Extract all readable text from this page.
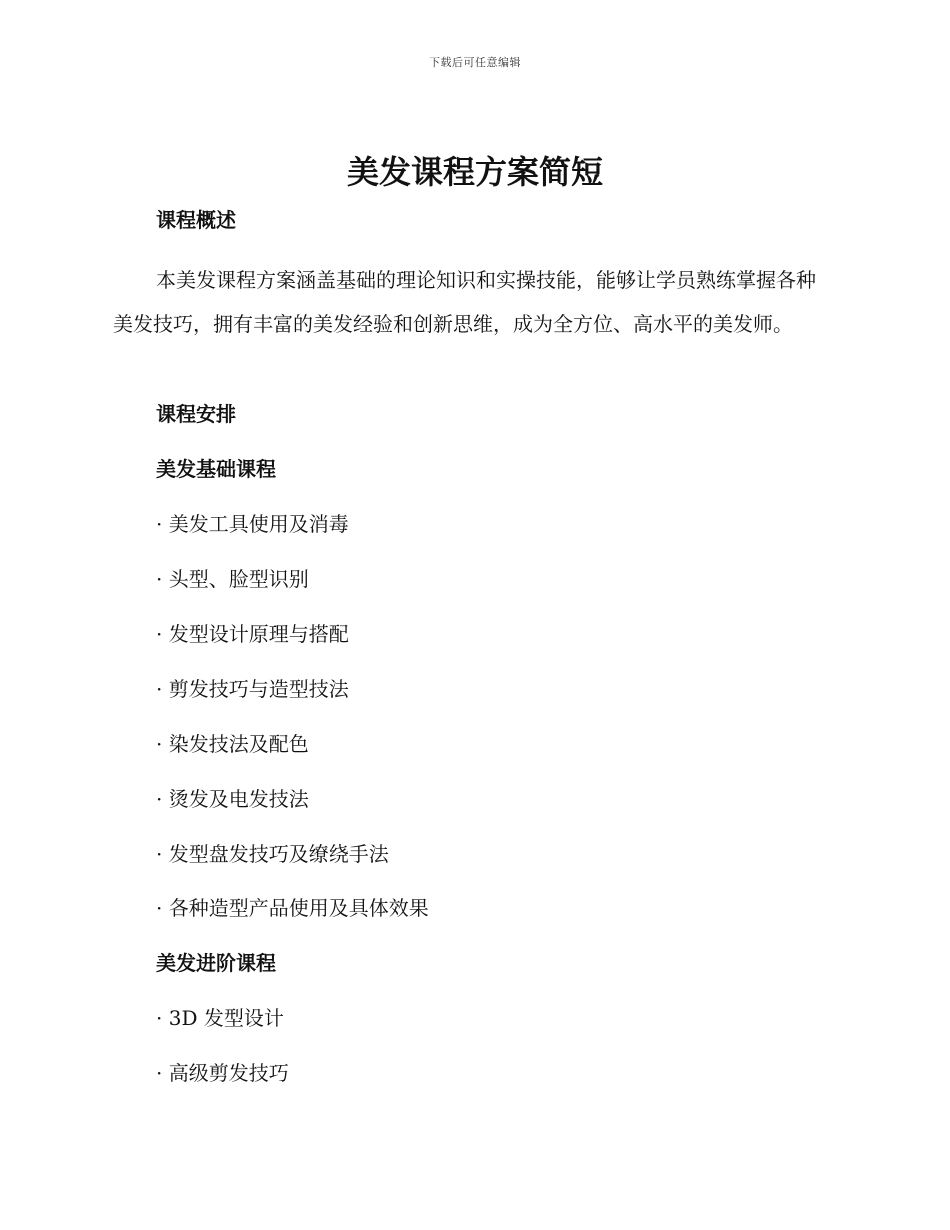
下载后可任意编辑
美发课程方案简短
课程概述

本美发课程方案涵盖基础的理论知识和实操技能，能够让学员熟练掌握各种美发技巧，拥有丰富的美发经验和创新思维，成为全方位、高水平的美发师。

课程安排
美发基础课程

· 美发工具使用及消毒

· 头型、脸型识别

· 发型设计原理与搭配

· 剪发技巧与造型技法

· 染发技法及配色

· 烫发及电发技法

· 发型盘发技巧及缭绕手法

· 各种造型产品使用及具体效果

美发进阶课程

· 3D 发型设计

· 高级剪发技巧
